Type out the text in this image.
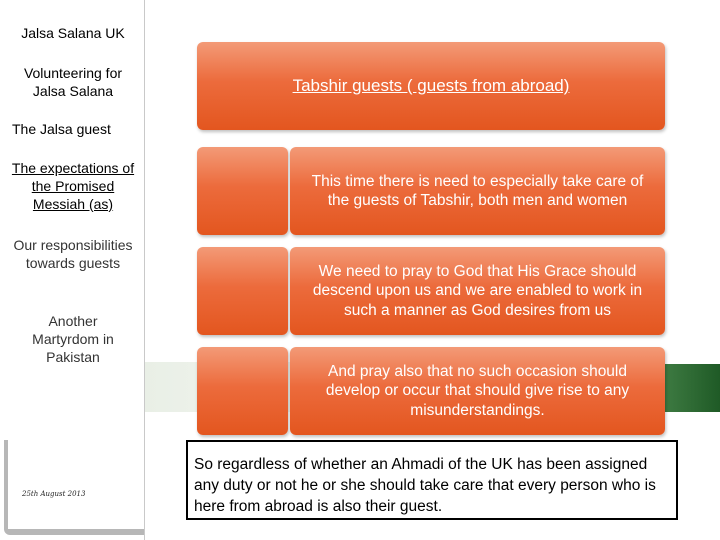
Jalsa Salana UK
Volunteering for Jalsa Salana
The Jalsa guest
The expectations of the Promised Messiah (as)
Our responsibilities towards guests
Another Martyrdom in Pakistan
25th August 2013
Tabshir guests ( guests from abroad)
This time there is need to especially take care of the guests of Tabshir, both men and women
We need to pray to God that His Grace should descend upon us and we are enabled to work in such a manner as God desires from us
And pray also that no such occasion should develop or occur that should give rise to any misunderstandings.
So regardless of whether an Ahmadi of the UK has been assigned any duty or not he or she should take care that every person who is here from abroad is also their guest.
